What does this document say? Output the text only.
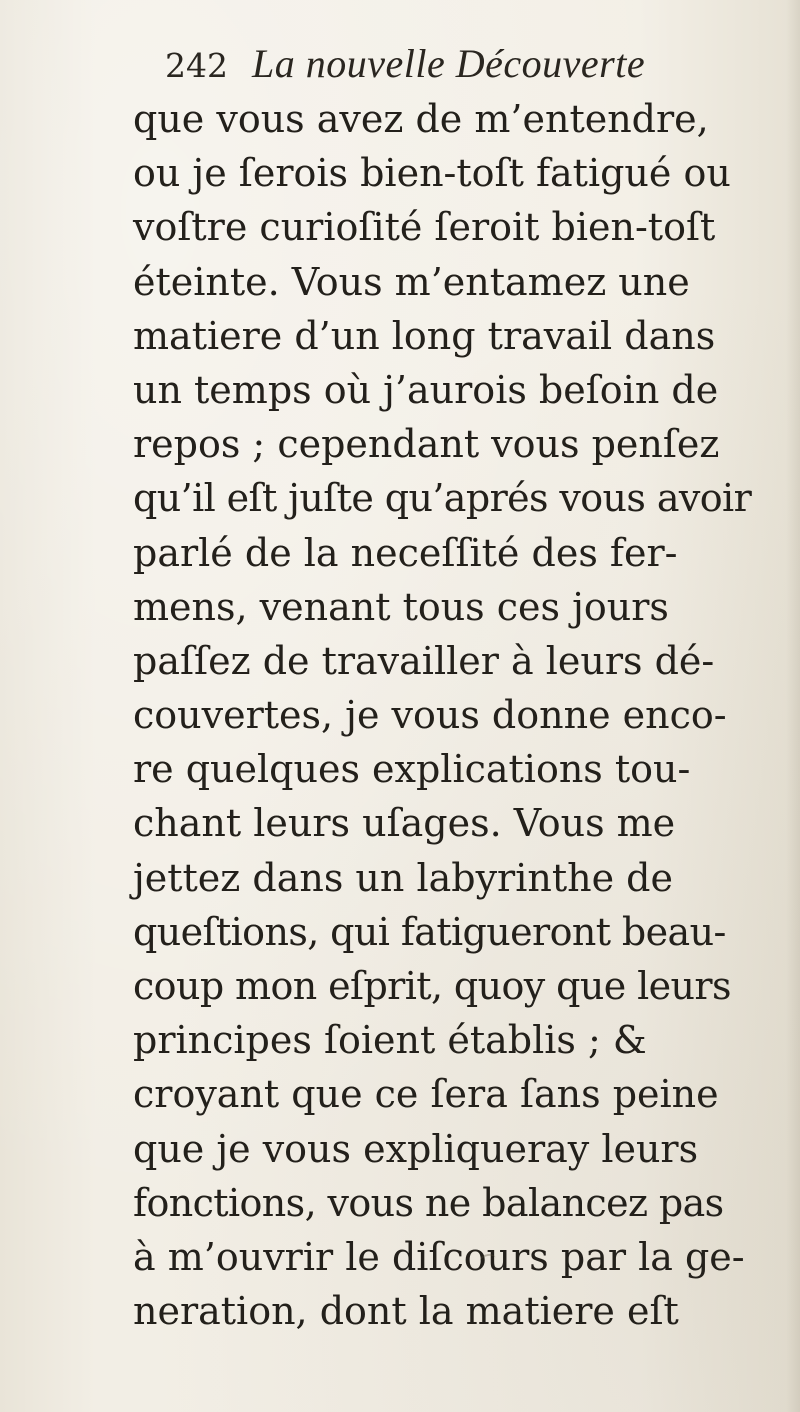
242 La nouvelle Découverte
que vous avez de m’entendre,
ou je ſerois bien-toſt fatigué ou
voſtre curioſité ſeroit bien-toſt
éteinte. Vous m’entamez une
matiere d’un long travail dans
un temps où j’aurois beſoin de
repos ; cependant vous penſez
qu’il eſt juſte qu’aprés vous avoir
parlé de la neceſſité des fer-
mens, venant tous ces jours
paſſez de travailler à leurs dé-
couvertes, je vous donne enco-
re quelques explications tou-
chant leurs uſages. Vous me
jettez dans un labyrinthe de
queſtions, qui fatigueront beau-
coup mon eſprit, quoy que leurs
principes ſoient établis ; &
croyant que ce ſera ſans peine
que je vous expliqueray leurs
fonctions, vous ne balancez pas
à m’ouvrir le diſcours par la ge-
neration, dont la matiere eſt
